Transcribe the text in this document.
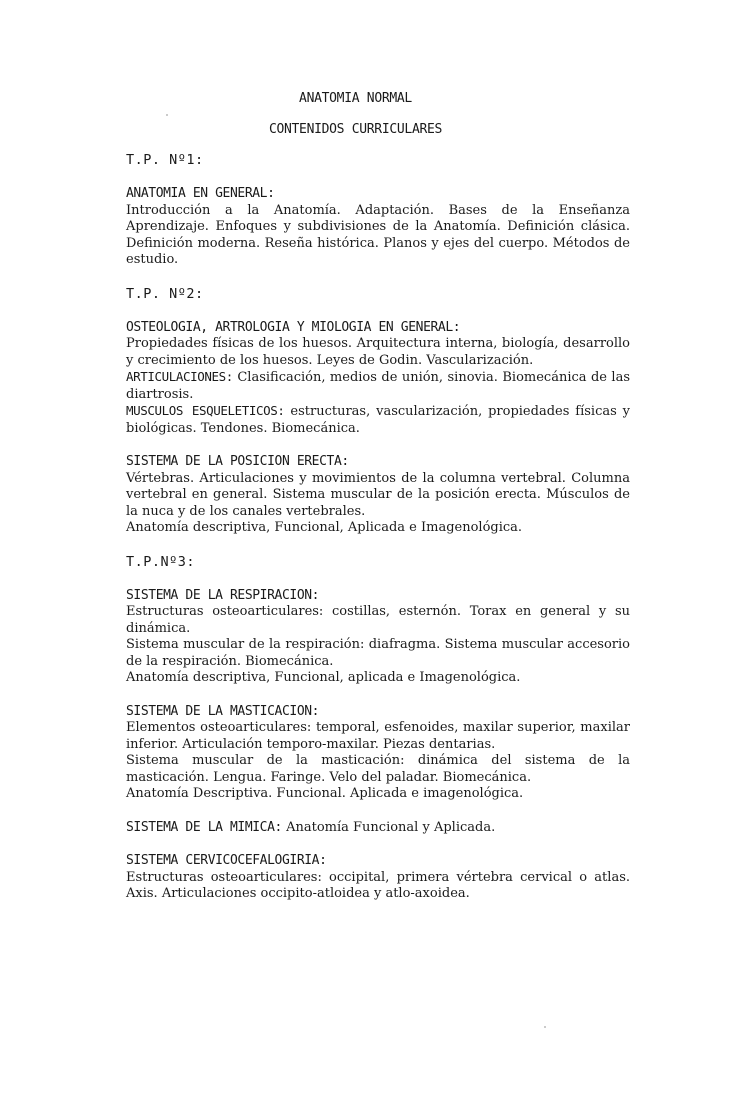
ANATOMIA NORMAL
CONTENIDOS CURRICULARES
T.P. Nº1:
ANATOMIA EN GENERAL:

Introducción a la Anatomía. Adaptación. Bases de la Enseñanza Aprendizaje. Enfoques y subdivisiones de la Anatomía. Definición clásica. Definición moderna. Reseña histórica. Planos y ejes del cuerpo. Métodos de estudio.

T.P. Nº2:
OSTEOLOGIA, ARTROLOGIA Y MIOLOGIA EN GENERAL:

Propiedades físicas de los huesos. Arquitectura interna, biología, desarrollo y crecimiento de los huesos. Leyes de Godin. Vascularización.

ARTICULACIONES: Clasificación, medios de unión, sinovia. Biomecánica de las diartrosis.

MUSCULOS ESQUELETICOS: estructuras, vascularización, propiedades físicas y biológicas. Tendones. Biomecánica.

SISTEMA DE LA POSICION ERECTA:

Vértebras. Articulaciones y movimientos de la columna vertebral. Columna vertebral en general. Sistema muscular de la posición erecta. Músculos de la nuca y de los canales vertebrales.

Anatomía descriptiva, Funcional, Aplicada e Imagenológica.

T.P.Nº3:
SISTEMA DE LA RESPIRACION:

Estructuras osteoarticulares: costillas, esternón. Torax en general y su dinámica.

Sistema muscular de la respiración: diafragma. Sistema muscular accesorio de la respiración. Biomecánica.

Anatomía descriptiva, Funcional, aplicada e Imagenológica.

SISTEMA DE LA MASTICACION:

Elementos osteoarticulares: temporal, esfenoides, maxilar superior, maxilar inferior. Articulación temporo-maxilar. Piezas dentarias.

Sistema muscular de la masticación: dinámica del sistema de la masticación. Lengua. Faringe. Velo del paladar. Biomecánica.

Anatomía Descriptiva. Funcional. Aplicada e imagenológica.

SISTEMA DE LA MIMICA: Anatomía Funcional y Aplicada.
SISTEMA CERVICOCEFALOGIRIA:

Estructuras osteoarticulares: occipital, primera vértebra cervical o atlas. Axis. Articulaciones occipito-atloidea y atlo-axoidea.
